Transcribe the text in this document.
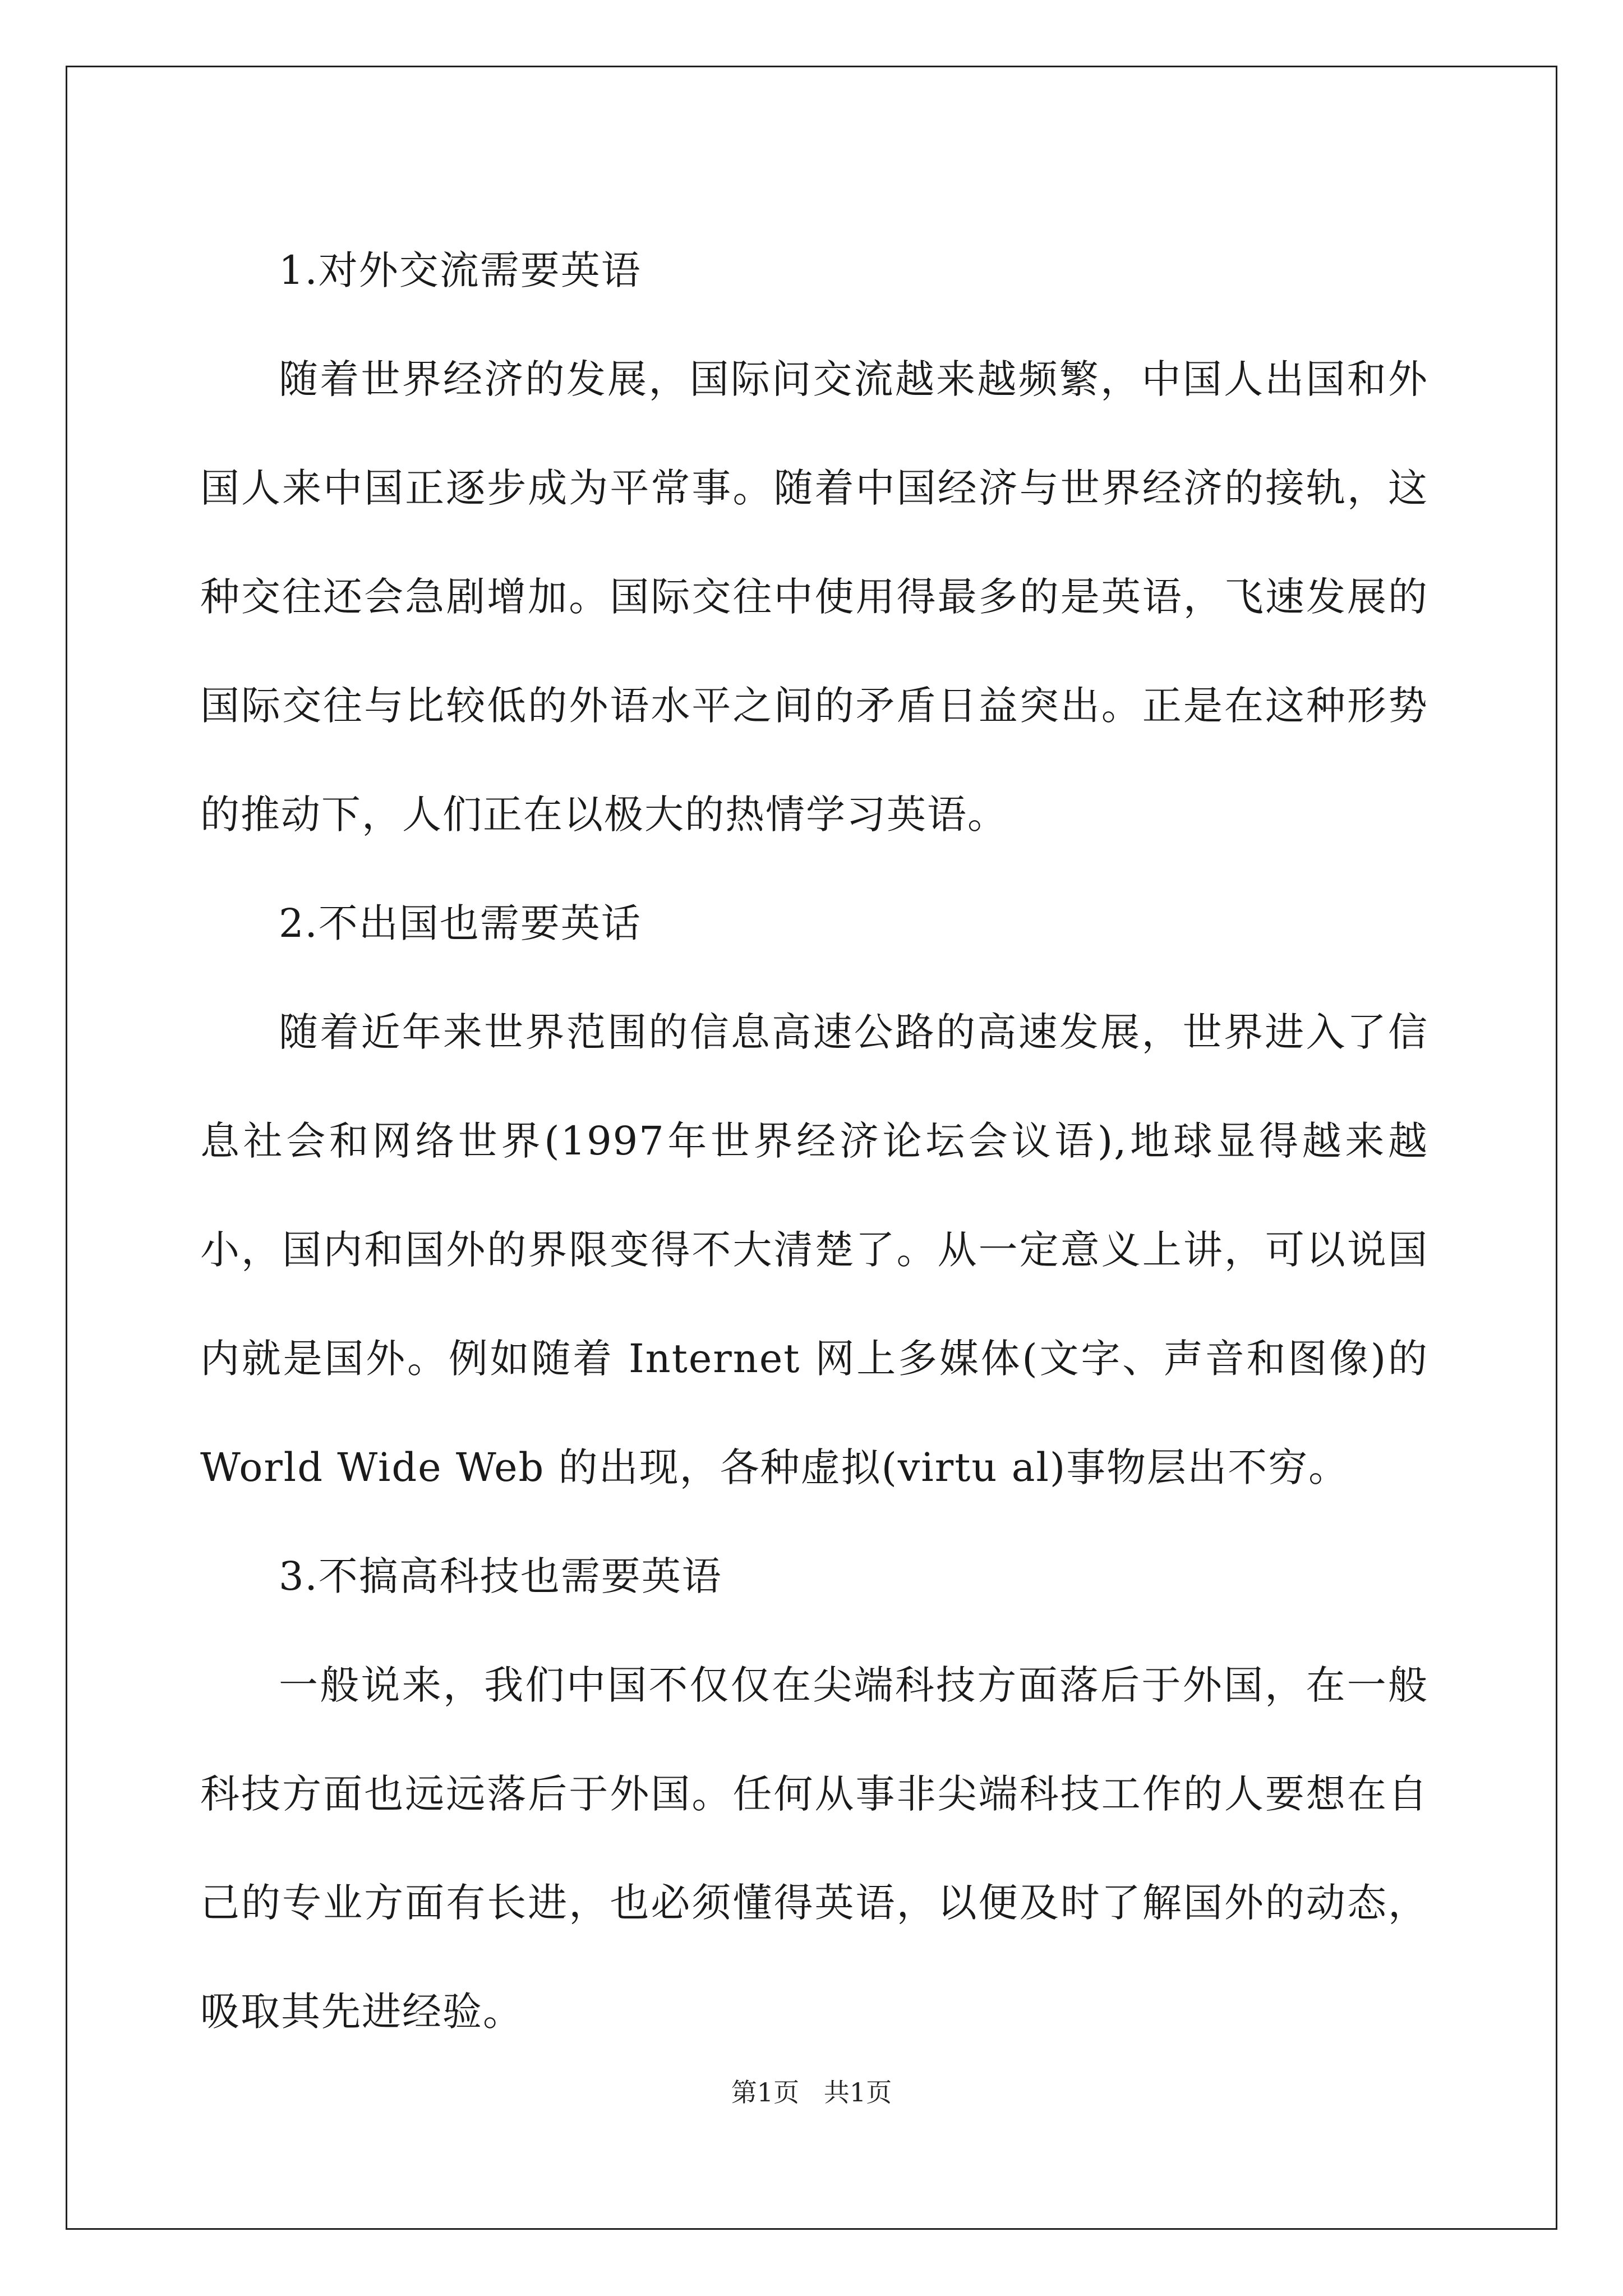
1.对外交流需要英语

随着世界经济的发展，国际问交流越来越频繁，中国人出国和外国人来中国正逐步成为平常事。随着中国经济与世界经济的接轨，这种交往还会急剧增加。国际交往中使用得最多的是英语，飞速发展的国际交往与比较低的外语水平之间的矛盾日益突出。正是在这种形势的推动下，人们正在以极大的热情学习英语。

2.不出国也需要英话

随着近年来世界范围的信息高速公路的高速发展，世界进入了信息社会和网络世界(1997年世界经济论坛会议语),地球显得越来越小，国内和国外的界限变得不大清楚了。从一定意义上讲，可以说国内就是国外。例如随着 Internet 网上多媒体(文字、声音和图像)的 World Wide Web 的出现，各种虚拟(virtu al)事物层出不穷。

3.不搞高科技也需要英语

一般说来，我们中国不仅仅在尖端科技方面落后于外国，在一般科技方面也远远落后于外国。任何从事非尖端科技工作的人要想在自己的专业方面有长进，也必须懂得英语，以便及时了解国外的动态，吸取其先进经验。

第1页   共1页
